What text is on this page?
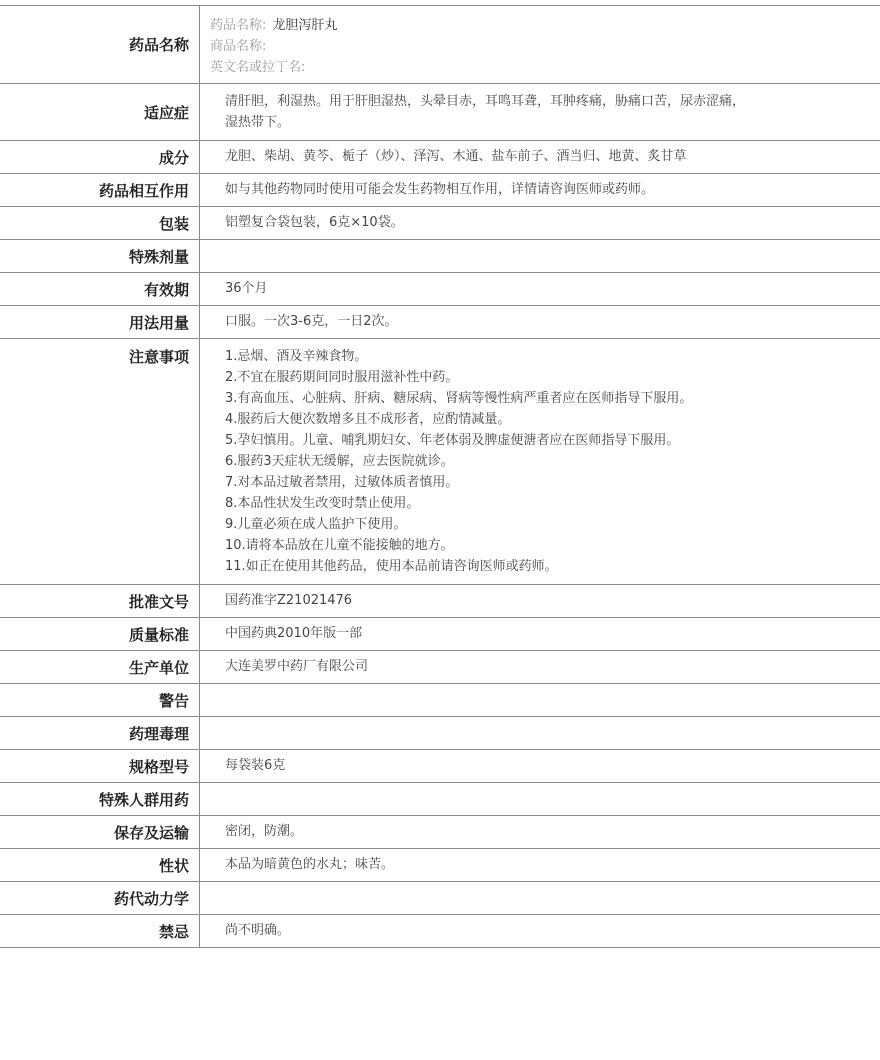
药品名称
药品名称: 龙胆泻肝丸
商品名称:
英文名或拉丁名:
适应症
清肝胆，利湿热。用于肝胆湿热，头晕目赤，耳鸣耳聋，耳肿疼痛，胁痛口苦，尿赤涩痛，
湿热带下。
成分	龙胆、柴胡、黄芩、栀子（炒）、泽泻、木通、盐车前子、酒当归、地黄、炙甘草
药品相互作用	如与其他药物同时使用可能会发生药物相互作用，详情请咨询医师或药师。
包装	铝塑复合袋包装，6克×10袋。
特殊剂量
有效期	36个月
用法用量	口服。一次3-6克，一日2次。
注意事项	1.忌烟、酒及辛辣食物。
2.不宜在服药期间同时服用滋补性中药。
3.有高血压、心脏病、肝病、糖尿病、肾病等慢性病严重者应在医师指导下服用。
4.服药后大便次数增多且不成形者，应酌情减量。
5.孕妇慎用。儿童、哺乳期妇女、年老体弱及脾虚便溏者应在医师指导下服用。
6.服药3天症状无缓解，应去医院就诊。
7.对本品过敏者禁用，过敏体质者慎用。
8.本品性状发生改变时禁止使用。
9.儿童必须在成人监护下使用。
10.请将本品放在儿童不能接触的地方。
11.如正在使用其他药品，使用本品前请咨询医师或药师。
批准文号	国药准字Z21021476
质量标准	中国药典2010年版一部
生产单位	大连美罗中药厂有限公司
警告
药理毒理
规格型号	每袋装6克
特殊人群用药
保存及运输	密闭，防潮。
性状	本品为暗黄色的水丸；味苦。
药代动力学
禁忌	尚不明确。
